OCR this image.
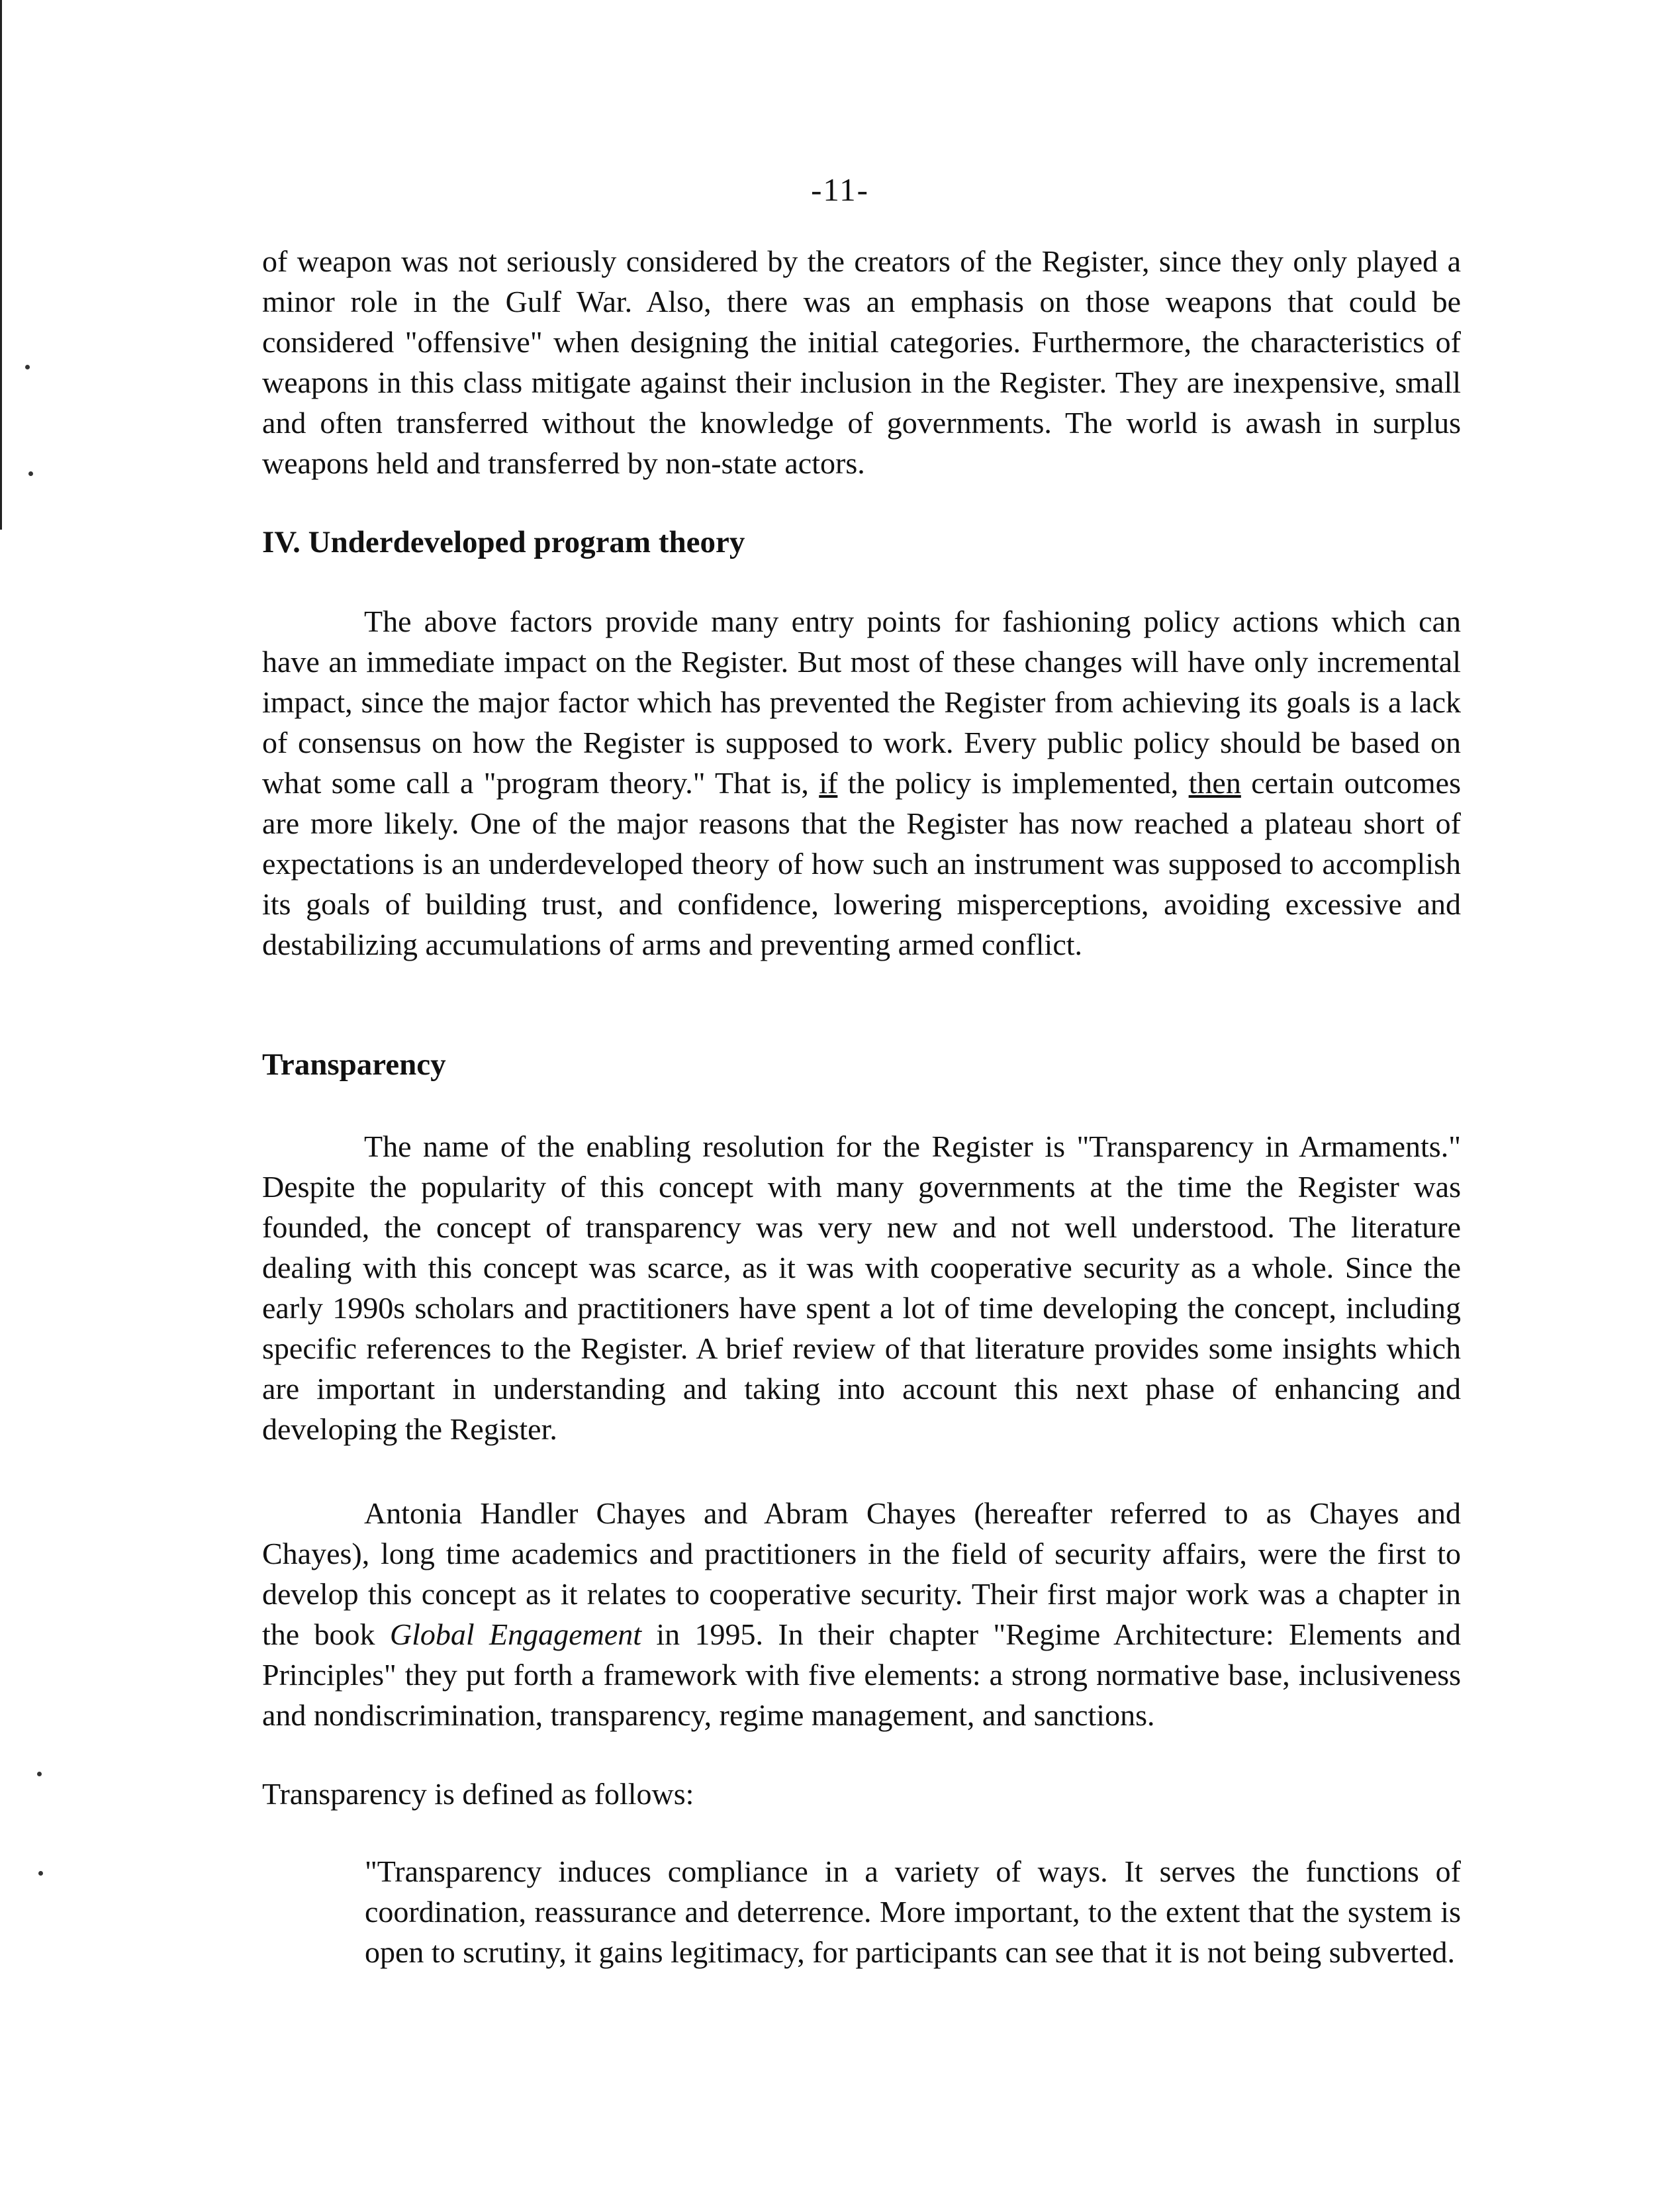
-11-

of weapon was not seriously considered by the creators of the Register, since they only played a minor role in the Gulf War. Also, there was an emphasis on those weapons that could be considered "offensive" when designing the initial categories. Furthermore, the characteristics of weapons in this class mitigate against their inclusion in the Register. They are inexpensive, small and often transferred without the knowledge of governments. The world is awash in surplus weapons held and transferred by non-state actors.

IV. Underdeveloped program theory

The above factors provide many entry points for fashioning policy actions which can have an immediate impact on the Register. But most of these changes will have only incremental impact, since the major factor which has prevented the Register from achieving its goals is a lack of consensus on how the Register is supposed to work. Every public policy should be based on what some call a "program theory." That is, if the policy is implemented, then certain outcomes are more likely. One of the major reasons that the Register has now reached a plateau short of expectations is an underdeveloped theory of how such an instrument was supposed to accomplish its goals of building trust, and confidence, lowering misperceptions, avoiding excessive and destabilizing accumulations of arms and preventing armed conflict.

Transparency

The name of the enabling resolution for the Register is "Transparency in Armaments." Despite the popularity of this concept with many governments at the time the Register was founded, the concept of transparency was very new and not well understood. The literature dealing with this concept was scarce, as it was with cooperative security as a whole. Since the early 1990s scholars and practitioners have spent a lot of time developing the concept, including specific references to the Register. A brief review of that literature provides some insights which are important in understanding and taking into account this next phase of enhancing and developing the Register.

Antonia Handler Chayes and Abram Chayes (hereafter referred to as Chayes and Chayes), long time academics and practitioners in the field of security affairs, were the first to develop this concept as it relates to cooperative security. Their first major work was a chapter in the book Global Engagement in 1995. In their chapter "Regime Architecture: Elements and Principles" they put forth a framework with five elements: a strong normative base, inclusiveness and nondiscrimination, transparency, regime management, and sanctions.

Transparency is defined as follows:

"Transparency induces compliance in a variety of ways. It serves the functions of coordination, reassurance and deterrence. More important, to the extent that the system is open to scrutiny, it gains legitimacy, for participants can see that it is not being subverted.
